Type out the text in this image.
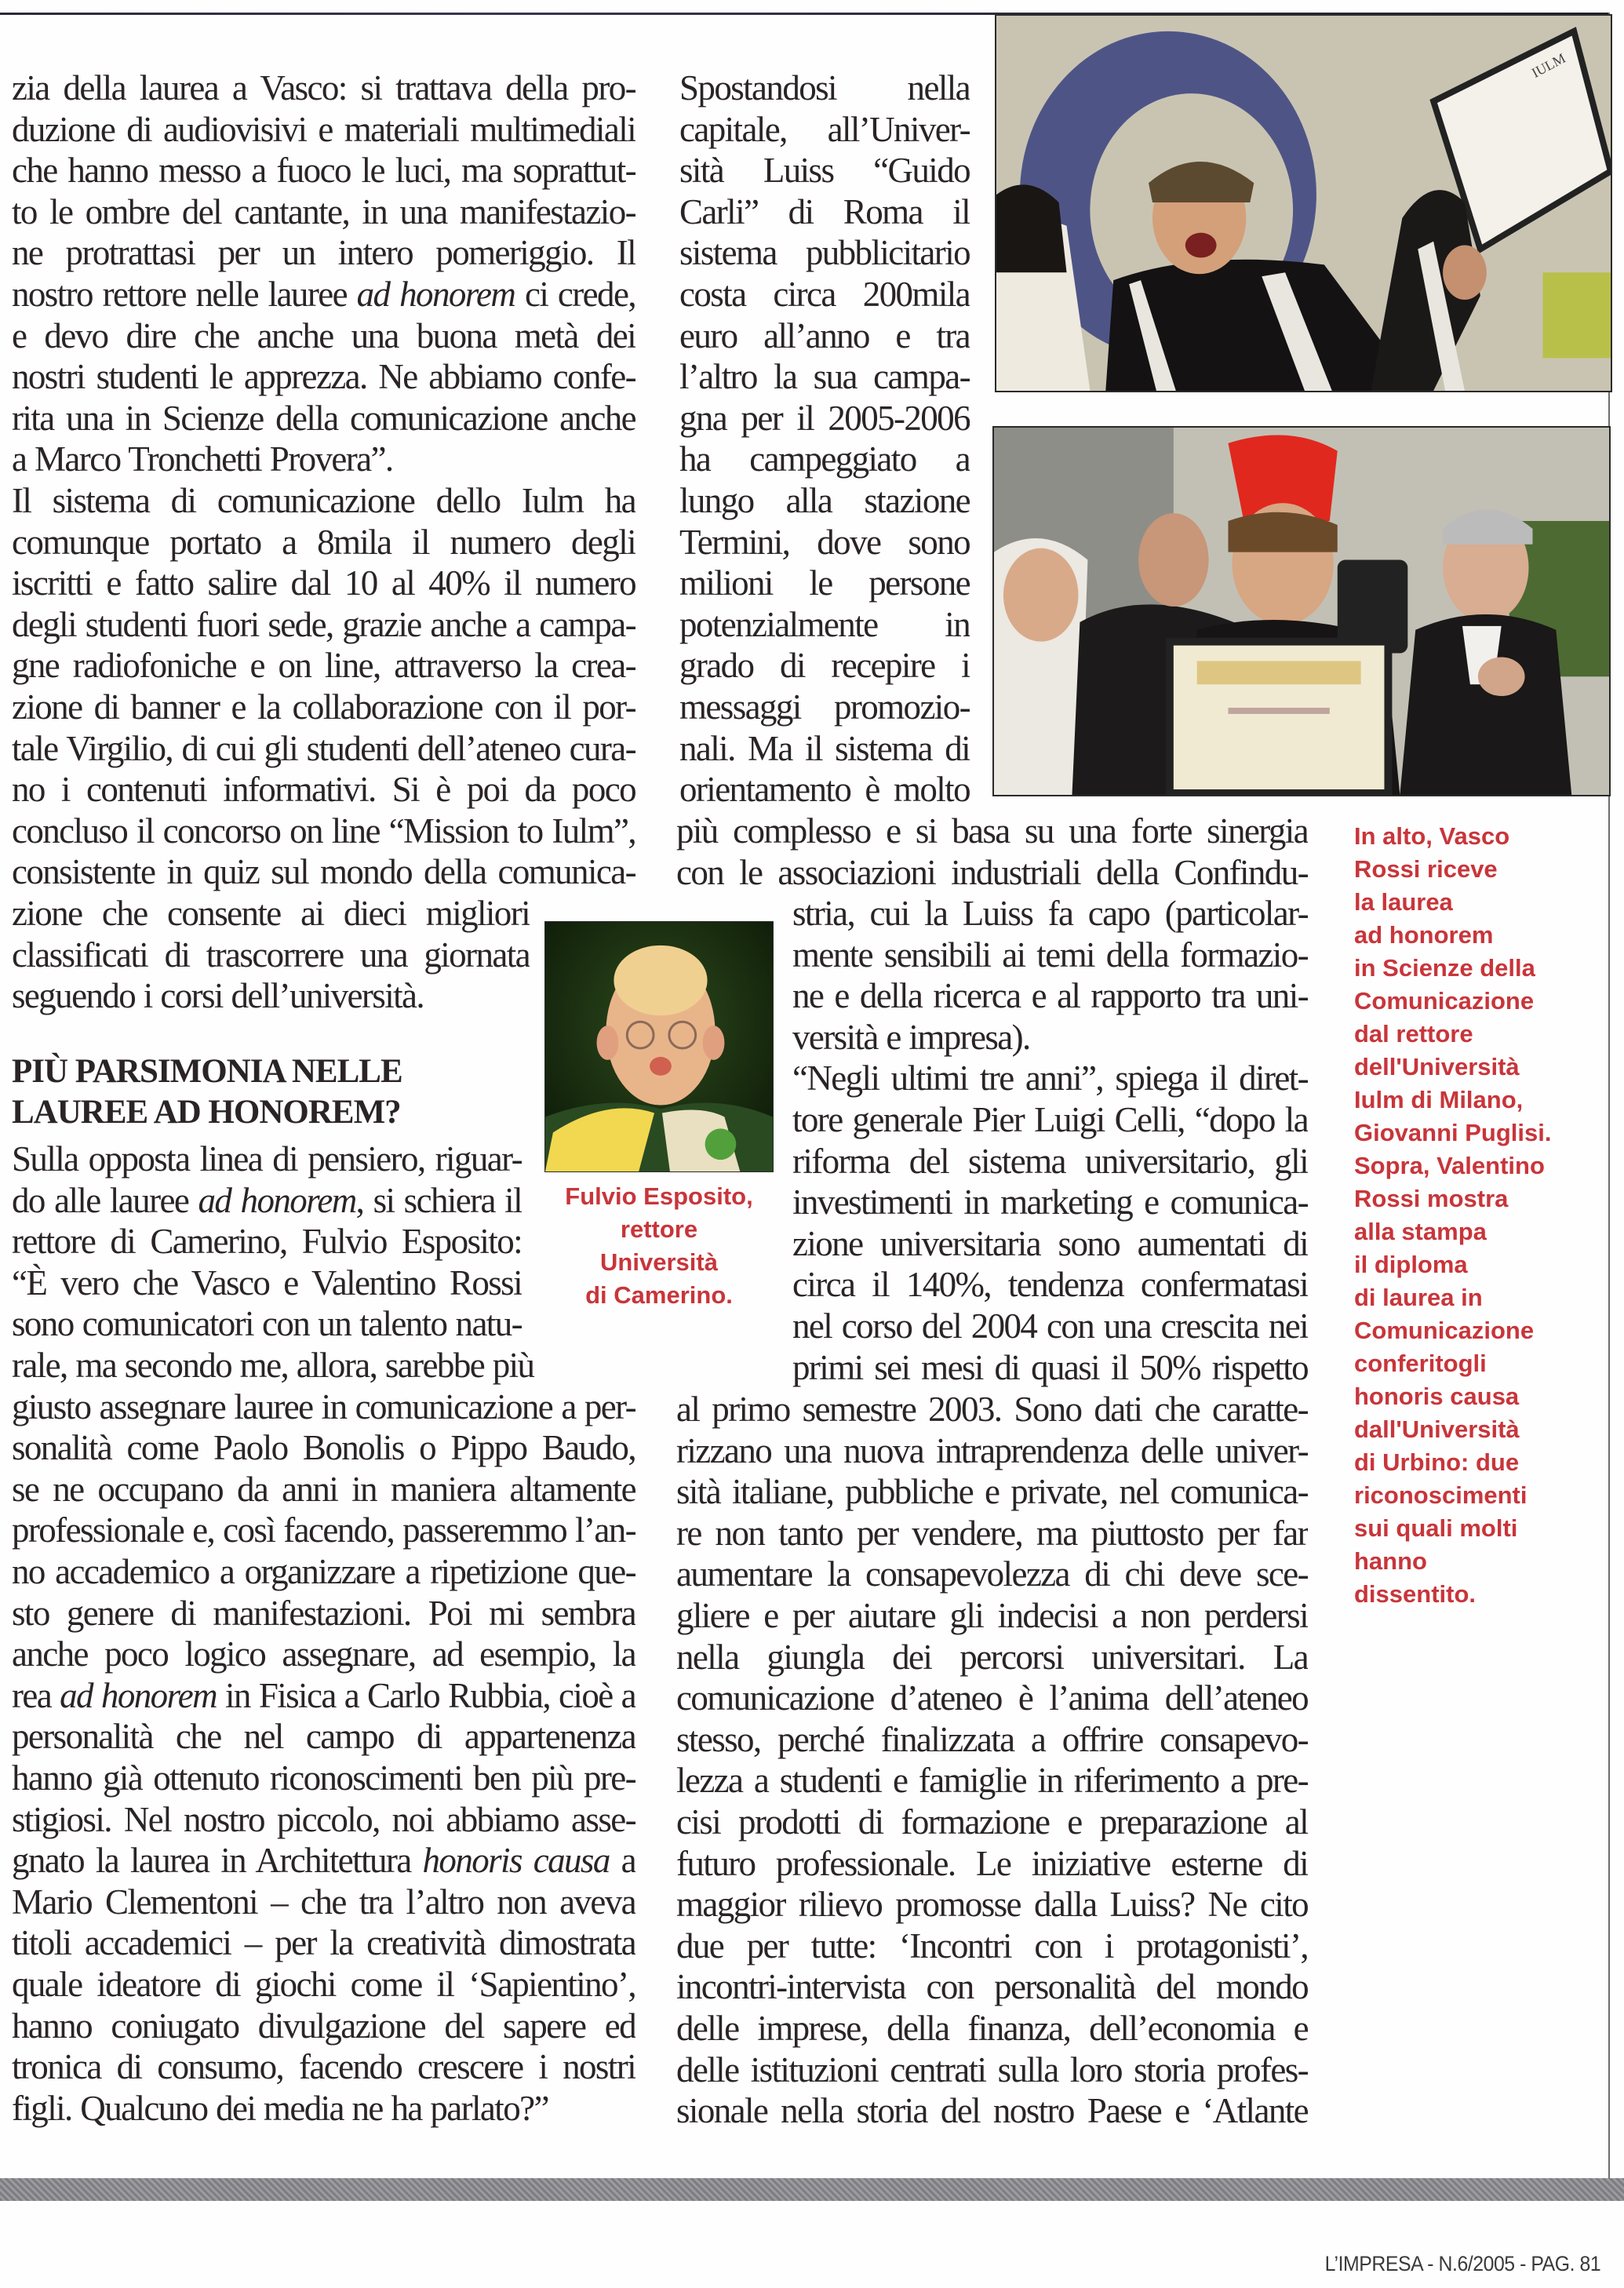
zia della laurea a Vasco: si trattava della pro-
duzione di audiovisivi e materiali multimediali
che hanno messo a fuoco le luci, ma soprattut-
to le ombre del cantante, in una manifestazio-
ne protrattasi per un intero pomeriggio. Il
nostro rettore nelle lauree ad honorem ci crede,
e devo dire che anche una buona metà dei
nostri studenti le apprezza. Ne abbiamo confe-
rita una in Scienze della comunicazione anche
a Marco Tronchetti Provera”.
Il sistema di comunicazione dello Iulm ha
comunque portato a 8mila il numero degli
iscritti e fatto salire dal 10 al 40% il numero
degli studenti fuori sede, grazie anche a campa-
gne radiofoniche e on line, attraverso la crea-
zione di banner e la collaborazione con il por-
tale Virgilio, di cui gli studenti dell’ateneo cura-
no i contenuti informativi. Si è poi da poco
concluso il concorso on line “Mission to Iulm”,
consistente in quiz sul mondo della comunica-
zione che consente ai dieci migliori
classificati di trascorrere una giornata
seguendo i corsi dell’università.
PIÙ PARSIMONIA NELLE
LAUREE AD HONOREM?
Sulla opposta linea di pensiero, riguar-
do alle lauree ad honorem, si schiera il
rettore di Camerino, Fulvio Esposito:
“È vero che Vasco e Valentino Rossi
sono comunicatori con un talento natu-
rale, ma secondo me, allora, sarebbe più
giusto assegnare lauree in comunicazione a per-
sonalità come Paolo Bonolis o Pippo Baudo,
se ne occupano da anni in maniera altamente
professionale e, così facendo, passeremmo l’an-
no accademico a organizzare a ripetizione que-
sto genere di manifestazioni. Poi mi sembra
anche poco logico assegnare, ad esempio, la
rea ad honorem in Fisica a Carlo Rubbia, cioè a
personalità che nel campo di appartenenza
hanno già ottenuto riconoscimenti ben più pre-
stigiosi. Nel nostro piccolo, noi abbiamo asse-
gnato la laurea in Architettura honoris causa a
Mario Clementoni – che tra l’altro non aveva
titoli accademici – per la creatività dimostrata
quale ideatore di giochi come il ‘Sapientino’,
hanno coniugato divulgazione del sapere ed
tronica di consumo, facendo crescere i nostri
figli. Qualcuno dei media ne ha parlato?”
Spostandosi nella
capitale, all’Univer-
sità Luiss “Guido
Carli” di Roma il
sistema pubblicitario
costa circa 200mila
euro all’anno e tra
l’altro la sua campa-
gna per il 2005-2006
ha campeggiato a
lungo alla stazione
Termini, dove sono
milioni le persone
potenzialmente in
grado di recepire i
messaggi promozio-
nali. Ma il sistema di
orientamento è molto
più complesso e si basa su una forte sinergia
con le associazioni industriali della Confindu-
stria, cui la Luiss fa capo (particolar-
mente sensibili ai temi della formazio-
ne e della ricerca e al rapporto tra uni-
versità e impresa).
“Negli ultimi tre anni”, spiega il diret-
tore generale Pier Luigi Celli, “dopo la
riforma del sistema universitario, gli
investimenti in marketing e comunica-
zione universitaria sono aumentati di
circa il 140%, tendenza confermatasi
nel corso del 2004 con una crescita nei
primi sei mesi di quasi il 50% rispetto
al primo semestre 2003. Sono dati che caratte-
rizzano una nuova intraprendenza delle univer-
sità italiane, pubbliche e private, nel comunica-
re non tanto per vendere, ma piuttosto per far
aumentare la consapevolezza di chi deve sce-
gliere e per aiutare gli indecisi a non perdersi
nella giungla dei percorsi universitari. La
comunicazione d’ateneo è l’anima dell’ateneo
stesso, perché finalizzata a offrire consapevo-
lezza a studenti e famiglie in riferimento a pre-
cisi prodotti di formazione e preparazione al
futuro professionale. Le iniziative esterne di
maggior rilievo promosse dalla Luiss? Ne cito
due per tutte: ‘Incontri con i protagonisti’,
incontri-intervista con personalità del mondo
delle imprese, della finanza, dell’economia e
delle istituzioni centrati sulla loro storia profes-
sionale nella storia del nostro Paese e ‘Atlante
IULM
Fulvio Esposito,
rettore
Università
di Camerino.
In alto, Vasco
Rossi riceve
la laurea
ad honorem
in Scienze della
Comunicazione
dal rettore
dell'Università
Iulm di Milano,
Giovanni Puglisi.
Sopra, Valentino
Rossi mostra
alla stampa
il diploma
di laurea in
Comunicazione
conferitogli
honoris causa
dall'Università
di Urbino: due
riconoscimenti
sui quali molti
hanno
dissentito.
L’IMPRESA - N.6/2005 - PAG. 81
